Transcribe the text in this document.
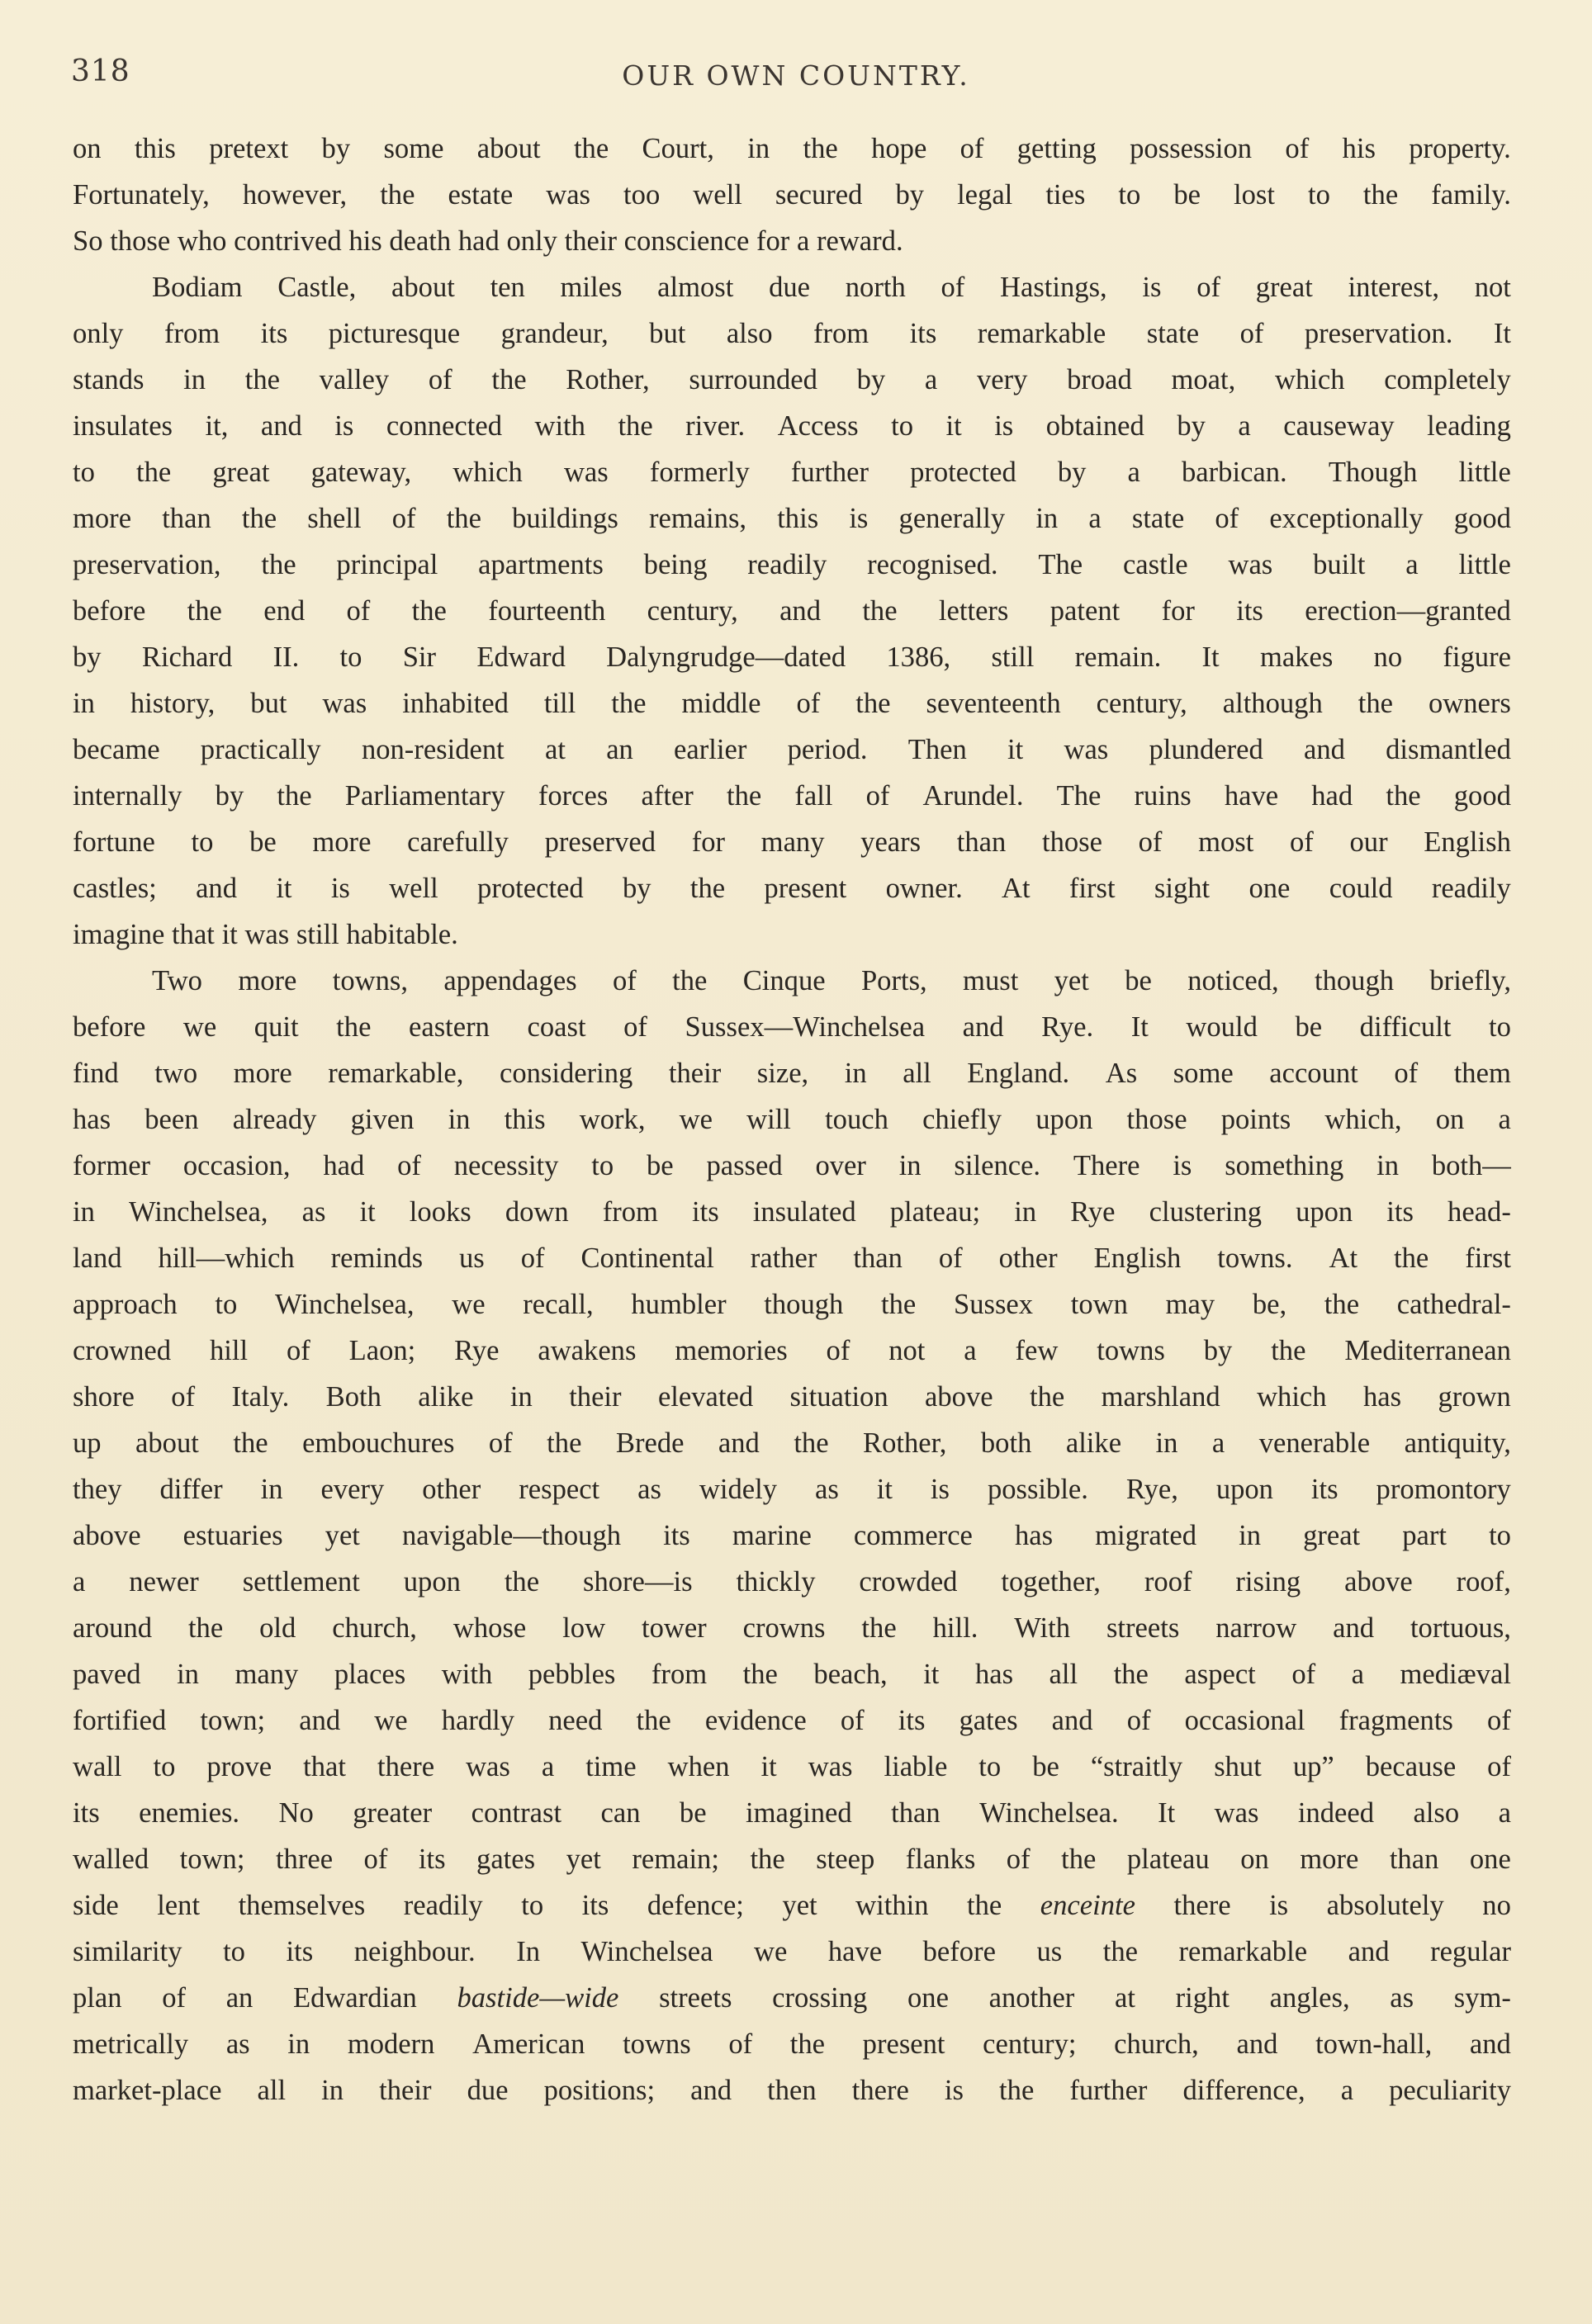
318	OUR OWN COUNTRY.
on this pretext by some about the Court, in the hope of getting possession of his property.
Fortunately, however, the estate was too well secured by legal ties to be lost to the family.
So
those
who
contrived
his
death
had
only
their
conscience
for
a
reward.
Bodiam Castle, about ten miles almost due north of Hastings, is of great interest, not
only from its picturesque grandeur, but also from its remarkable state of preservation. It
stands in the valley of the Rother, surrounded by a very broad moat, which completely
insulates it, and is connected with the river. Access to it is obtained by a causeway leading
to the great gateway, which was formerly further protected by a barbican. Though little
more than the shell of the buildings remains, this is generally in a state of exceptionally good
preservation, the principal apartments being readily recognised. The castle was built a little
before the end of the fourteenth century, and the letters patent for its erection—granted
by Richard II. to Sir Edward Dalyngrudge—dated 1386, still remain. It makes no figure
in history, but was inhabited till the middle of the seventeenth century, although the owners
became practically non-resident at an earlier period. Then it was plundered and dismantled
internally by the Parliamentary forces after the fall of Arundel. The ruins have had the good
fortune to be more carefully preserved for many years than those of most of our English
castles; and it is well protected by the present owner. At first sight one could readily
imagine
that
it
was
still
habitable.
Two more towns, appendages of the Cinque Ports, must yet be noticed, though briefly,
before we quit the eastern coast of Sussex—Winchelsea and Rye. It would be difficult to
find two more remarkable, considering their size, in all England. As some account of them
has been already given in this work, we will touch chiefly upon those points which, on a
former occasion, had of necessity to be passed over in silence. There is something in both—
in Winchelsea, as it looks down from its insulated plateau; in Rye clustering upon its head-
land hill—which reminds us of Continental rather than of other English towns. At the first
approach to Winchelsea, we recall, humbler though the Sussex town may be, the cathedral-
crowned hill of Laon; Rye awakens memories of not a few towns by the Mediterranean
shore of Italy. Both alike in their elevated situation above the marshland which has grown
up about the embouchures of the Brede and the Rother, both alike in a venerable antiquity,
they differ in every other respect as widely as it is possible. Rye, upon its promontory
above estuaries yet navigable—though its marine commerce has migrated in great part to
a newer settlement upon the shore—is thickly crowded together, roof rising above roof,
around the old church, whose low tower crowns the hill. With streets narrow and tortuous,
paved in many places with pebbles from the beach, it has all the aspect of a mediæval
fortified town; and we hardly need the evidence of its gates and of occasional fragments of
wall to prove that there was a time when it was liable to be “straitly shut up” because of
its enemies. No greater contrast can be imagined than Winchelsea. It was indeed also a
walled town; three of its gates yet remain; the steep flanks of the plateau on more than one
side lent themselves readily to its defence; yet within the enceinte there is absolutely no
similarity to its neighbour. In Winchelsea we have before us the remarkable and regular
plan of an Edwardian bastide—wide streets crossing one another at right angles, as sym-
metrically as in modern American towns of the present century; church, and town-hall, and
market-place all in their due positions; and then there is the further difference, a peculiarity
